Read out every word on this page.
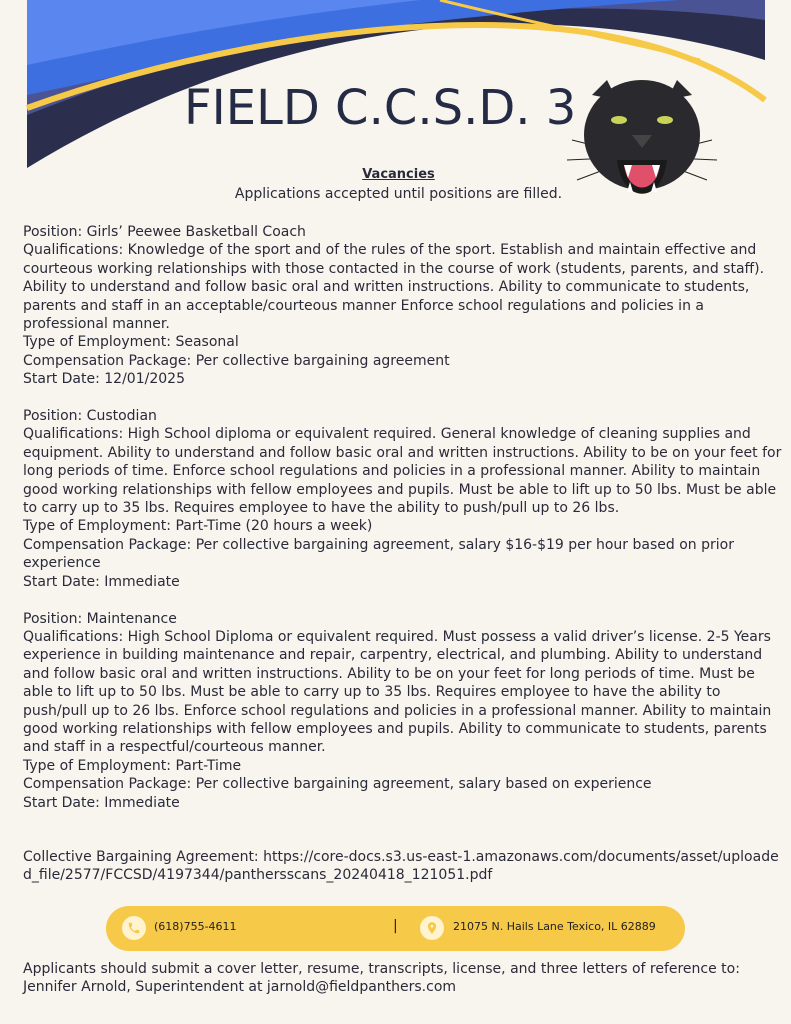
FIELD C.C.S.D. 3
Vacancies
Applications accepted until positions are filled.

Position: Girls’ Peewee Basketball Coach

Qualifications: Knowledge of the sport and of the rules of the sport. Establish and maintain effective and courteous working relationships with those contacted in the course of work (students, parents, and staff). Ability to understand and follow basic oral and written instructions. Ability to communicate to students, parents and staff in an acceptable/courteous manner Enforce school regulations and policies in a professional manner.

Type of Employment: Seasonal

Compensation Package: Per collective bargaining agreement

Start Date: 12/01/2025

Position: Custodian

Qualifications: High School diploma or equivalent required. General knowledge of cleaning supplies and equipment. Ability to understand and follow basic oral and written instructions. Ability to be on your feet for long periods of time. Enforce school regulations and policies in a professional manner. Ability to maintain good working relationships with fellow employees and pupils. Must be able to lift up to 50 lbs. Must be able to carry up to 35 lbs. Requires employee to have the ability to push/pull up to 26 lbs.

Type of Employment: Part-Time (20 hours a week)

Compensation Package: Per collective bargaining agreement, salary $16-$19 per hour based on prior experience

Start Date: Immediate

Position: Maintenance

Qualifications: High School Diploma or equivalent required. Must possess a valid driver’s license. 2-5 Years experience in building maintenance and repair, carpentry, electrical, and plumbing. Ability to understand and follow basic oral and written instructions. Ability to be on your feet for long periods of time. Must be able to lift up to 50 lbs. Must be able to carry up to 35 lbs. Requires employee to have the ability to push/pull up to 26 lbs. Enforce school regulations and policies in a professional manner. Ability to maintain good working relationships with fellow employees and pupils. Ability to communicate to students, parents and staff in a respectful/courteous manner.

Type of Employment: Part-Time

Compensation Package: Per collective bargaining agreement, salary based on experience

Start Date: Immediate

Collective Bargaining Agreement: https://core-docs.s3.us-east-1.amazonaws.com/documents/asset/uploaded_file/2577/FCCSD/4197344/panthersscans_20240418_121051.pdf

(618)755-4611	|	21075 N. Hails Lane Texico, IL 62889
Applicants should submit a cover letter, resume, transcripts, license, and three letters of reference to: Jennifer Arnold, Superintendent at jarnold@fieldpanthers.com
